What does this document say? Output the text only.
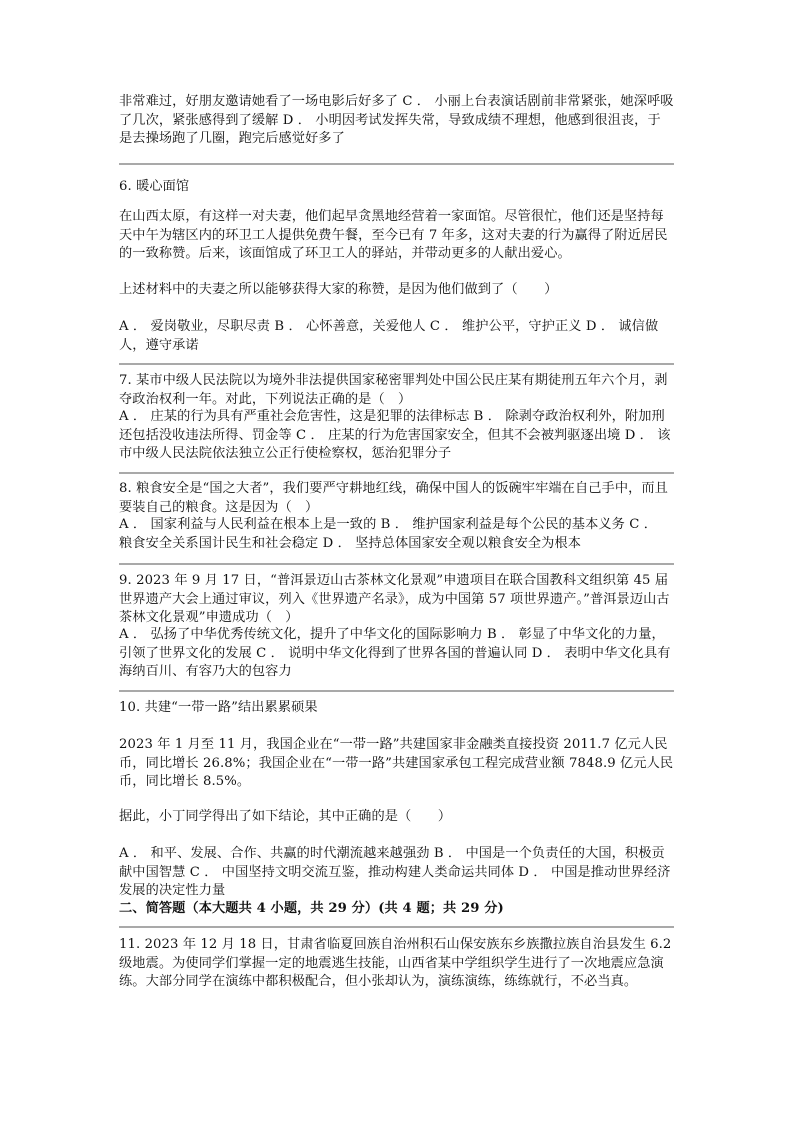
非常难过，好朋友邀请她看了一场电影后好多了 C ． 小丽上台表演话剧前非常紧张，她深呼吸了几次，紧张感得到了缓解 D ． 小明因考试发挥失常，导致成绩不理想，他感到很沮丧，于是去操场跑了几圈，跑完后感觉好多了

6. 暖心面馆

在山西太原，有这样一对夫妻，他们起早贪黑地经营着一家面馆。尽管很忙，他们还是坚持每天中午为辖区内的环卫工人提供免费午餐，至今已有 7 年多，这对夫妻的行为赢得了附近居民的一致称赞。后来，该面馆成了环卫工人的驿站，并带动更多的人献出爱心。

上述材料中的夫妻之所以能够获得大家的称赞，是因为他们做到了（　　）

A ． 爱岗敬业，尽职尽责 B ． 心怀善意，关爱他人 C ． 维护公平，守护正义 D ． 诚信做人，遵守承诺

7. 某市中级人民法院以为境外非法提供国家秘密罪判处中国公民庄某有期徒刑五年六个月，剥夺政治权利一年。对此，下列说法正确的是（　）

A ． 庄某的行为具有严重社会危害性，这是犯罪的法律标志 B ． 除剥夺政治权利外，附加刑还包括没收违法所得、罚金等 C ． 庄某的行为危害国家安全，但其不会被判驱逐出境 D ． 该市中级人民法院依法独立公正行使检察权，惩治犯罪分子

8. 粮食安全是“国之大者”，我们要严守耕地红线，确保中国人的饭碗牢牢端在自己手中，而且要装自己的粮食。这是因为（　）

A ． 国家利益与人民利益在根本上是一致的 B ． 维护国家利益是每个公民的基本义务 C ． 粮食安全关系国计民生和社会稳定 D ． 坚持总体国家安全观以粮食安全为根本

9. 2023 年 9 月 17 日，“普洱景迈山古茶林文化景观”申遗项目在联合国教科文组织第 45 届世界遗产大会上通过审议，列入《世界遗产名录》，成为中国第 57 项世界遗产。”普洱景迈山古茶林文化景观”申遗成功（　）

A ． 弘扬了中华优秀传统文化，提升了中华文化的国际影响力 B ． 彰显了中华文化的力量，引领了世界文化的发展 C ． 说明中华文化得到了世界各国的普遍认同 D ． 表明中华文化具有海纳百川、有容乃大的包容力

10. 共建“一带一路”结出累累硕果

2023 年 1 月至 11 月，我国企业在“一带一路”共建国家非金融类直接投资 2011.7 亿元人民币，同比增长 26.8%；我国企业在“一带一路”共建国家承包工程完成营业额 7848.9 亿元人民币，同比增长 8.5%。

据此，小丁同学得出了如下结论，其中正确的是（　　）

A ． 和平、发展、合作、共赢的时代潮流越来越强劲 B ． 中国是一个负责任的大国，积极贡献中国智慧 C ． 中国坚持文明交流互鉴，推动构建人类命运共同体 D ． 中国是推动世界经济发展的决定性力量

二、简答题（本大题共 4 小题，共 29 分）(共 4 题；共 29 分)

11. 2023 年 12 月 18 日，甘肃省临夏回族自治州积石山保安族东乡族撒拉族自治县发生 6.2 级地震。为使同学们掌握一定的地震逃生技能，山西省某中学组织学生进行了一次地震应急演练。大部分同学在演练中都积极配合，但小张却认为，演练演练，练练就行，不必当真。
